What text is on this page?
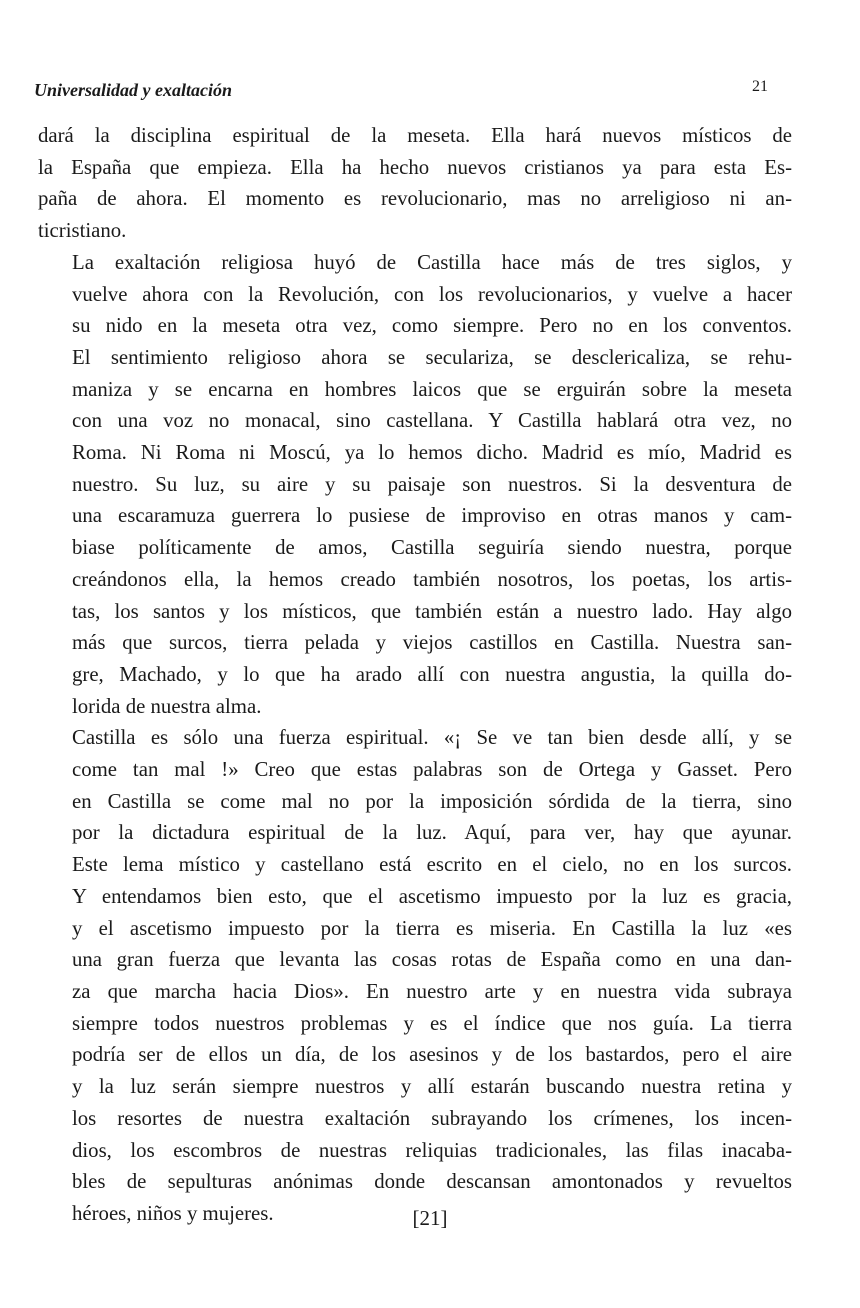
Universalidad y exaltación	21

dará la disciplina espiritual de la meseta. Ella hará nuevos místicos de
la España que empieza. Ella ha hecho nuevos cristianos ya para esta Es-
paña de ahora. El momento es revolucionario, mas no arreligioso ni an-
ticristiano.

La exaltación religiosa huyó de Castilla hace más de tres siglos, y
vuelve ahora con la Revolución, con los revolucionarios, y vuelve a hacer
su nido en la meseta otra vez, como siempre. Pero no en los conventos.
El sentimiento religioso ahora se seculariza, se desclericaliza, se rehu-
maniza y se encarna en hombres laicos que se erguirán sobre la meseta
con una voz no monacal, sino castellana. Y Castilla hablará otra vez, no
Roma. Ni Roma ni Moscú, ya lo hemos dicho. Madrid es mío, Madrid es
nuestro. Su luz, su aire y su paisaje son nuestros. Si la desventura de
una escaramuza guerrera lo pusiese de improviso en otras manos y cam-
biase políticamente de amos, Castilla seguiría siendo nuestra, porque
creándonos ella, la hemos creado también nosotros, los poetas, los artis-
tas, los santos y los místicos, que también están a nuestro lado. Hay algo
más que surcos, tierra pelada y viejos castillos en Castilla. Nuestra san-
gre, Machado, y lo que ha arado allí con nuestra angustia, la quilla do-
lorida de nuestra alma.

Castilla es sólo una fuerza espiritual. «¡ Se ve tan bien desde allí, y se
come tan mal !» Creo que estas palabras son de Ortega y Gasset. Pero
en Castilla se come mal no por la imposición sórdida de la tierra, sino
por la dictadura espiritual de la luz. Aquí, para ver, hay que ayunar.
Este lema místico y castellano está escrito en el cielo, no en los surcos.
Y entendamos bien esto, que el ascetismo impuesto por la luz es gracia,
y el ascetismo impuesto por la tierra es miseria. En Castilla la luz «es
una gran fuerza que levanta las cosas rotas de España como en una dan-
za que marcha hacia Dios». En nuestro arte y en nuestra vida subraya
siempre todos nuestros problemas y es el índice que nos guía. La tierra
podría ser de ellos un día, de los asesinos y de los bastardos, pero el aire
y la luz serán siempre nuestros y allí estarán buscando nuestra retina y
los resortes de nuestra exaltación subrayando los crímenes, los incen-
dios, los escombros de nuestras reliquias tradicionales, las filas inacaba-
bles de sepulturas anónimas donde descansan amontonados y revueltos
héroes, niños y mujeres.	[21]
